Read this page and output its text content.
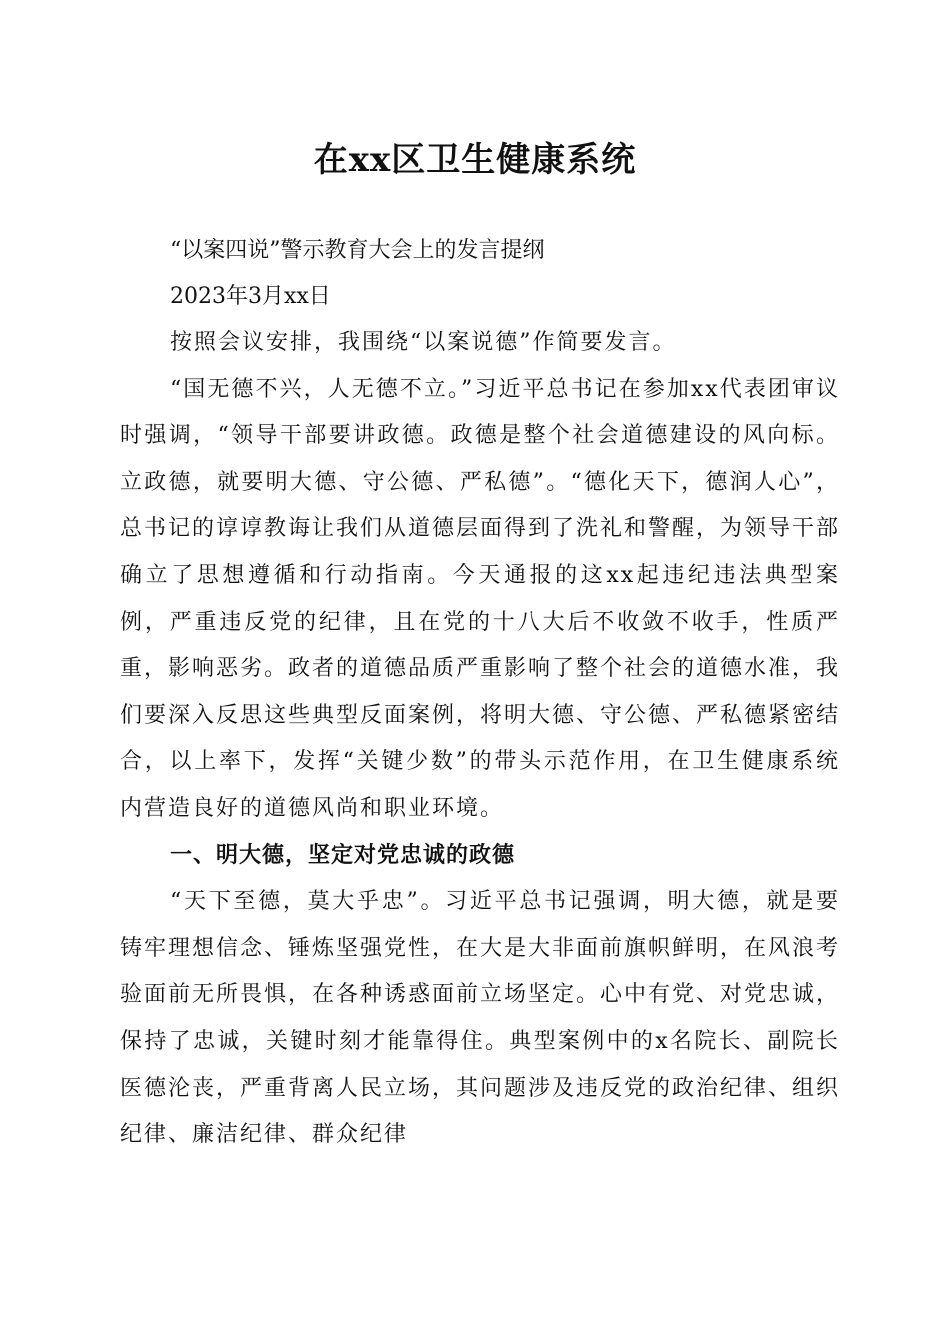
在xx区卫生健康系统
“以案四说”警示教育大会上的发言提纲
2023年3月xx日

按照会议安排，我围绕“以案说德”作简要发言。

“国无德不兴，人无德不立。”习近平总书记在参加xx代表团审议时强调，“领导干部要讲政德。政德是整个社会道德建设的风向标。立政德，就要明大德、守公德、严私德”。“德化天下，德润人心”，总书记的谆谆教诲让我们从道德层面得到了洗礼和警醒，为领导干部确立了思想遵循和行动指南。今天通报的这xx起违纪违法典型案例，严重违反党的纪律，且在党的十八大后不收敛不收手，性质严重，影响恶劣。政者的道德品质严重影响了整个社会的道德水准，我们要深入反思这些典型反面案例，将明大德、守公德、严私德紧密结合，以上率下，发挥“关键少数”的带头示范作用，在卫生健康系统内营造良好的道德风尚和职业环境。

一、明大德，坚定对党忠诚的政德

“天下至德，莫大乎忠”。习近平总书记强调，明大德，就是要铸牢理想信念、锤炼坚强党性，在大是大非面前旗帜鲜明，在风浪考验面前无所畏惧，在各种诱惑面前立场坚定。心中有党、对党忠诚，保持了忠诚，关键时刻才能靠得住。典型案例中的x名院长、副院长医德沦丧，严重背离人民立场，其问题涉及违反党的政治纪律、组织纪律、廉洁纪律、群众纪律
